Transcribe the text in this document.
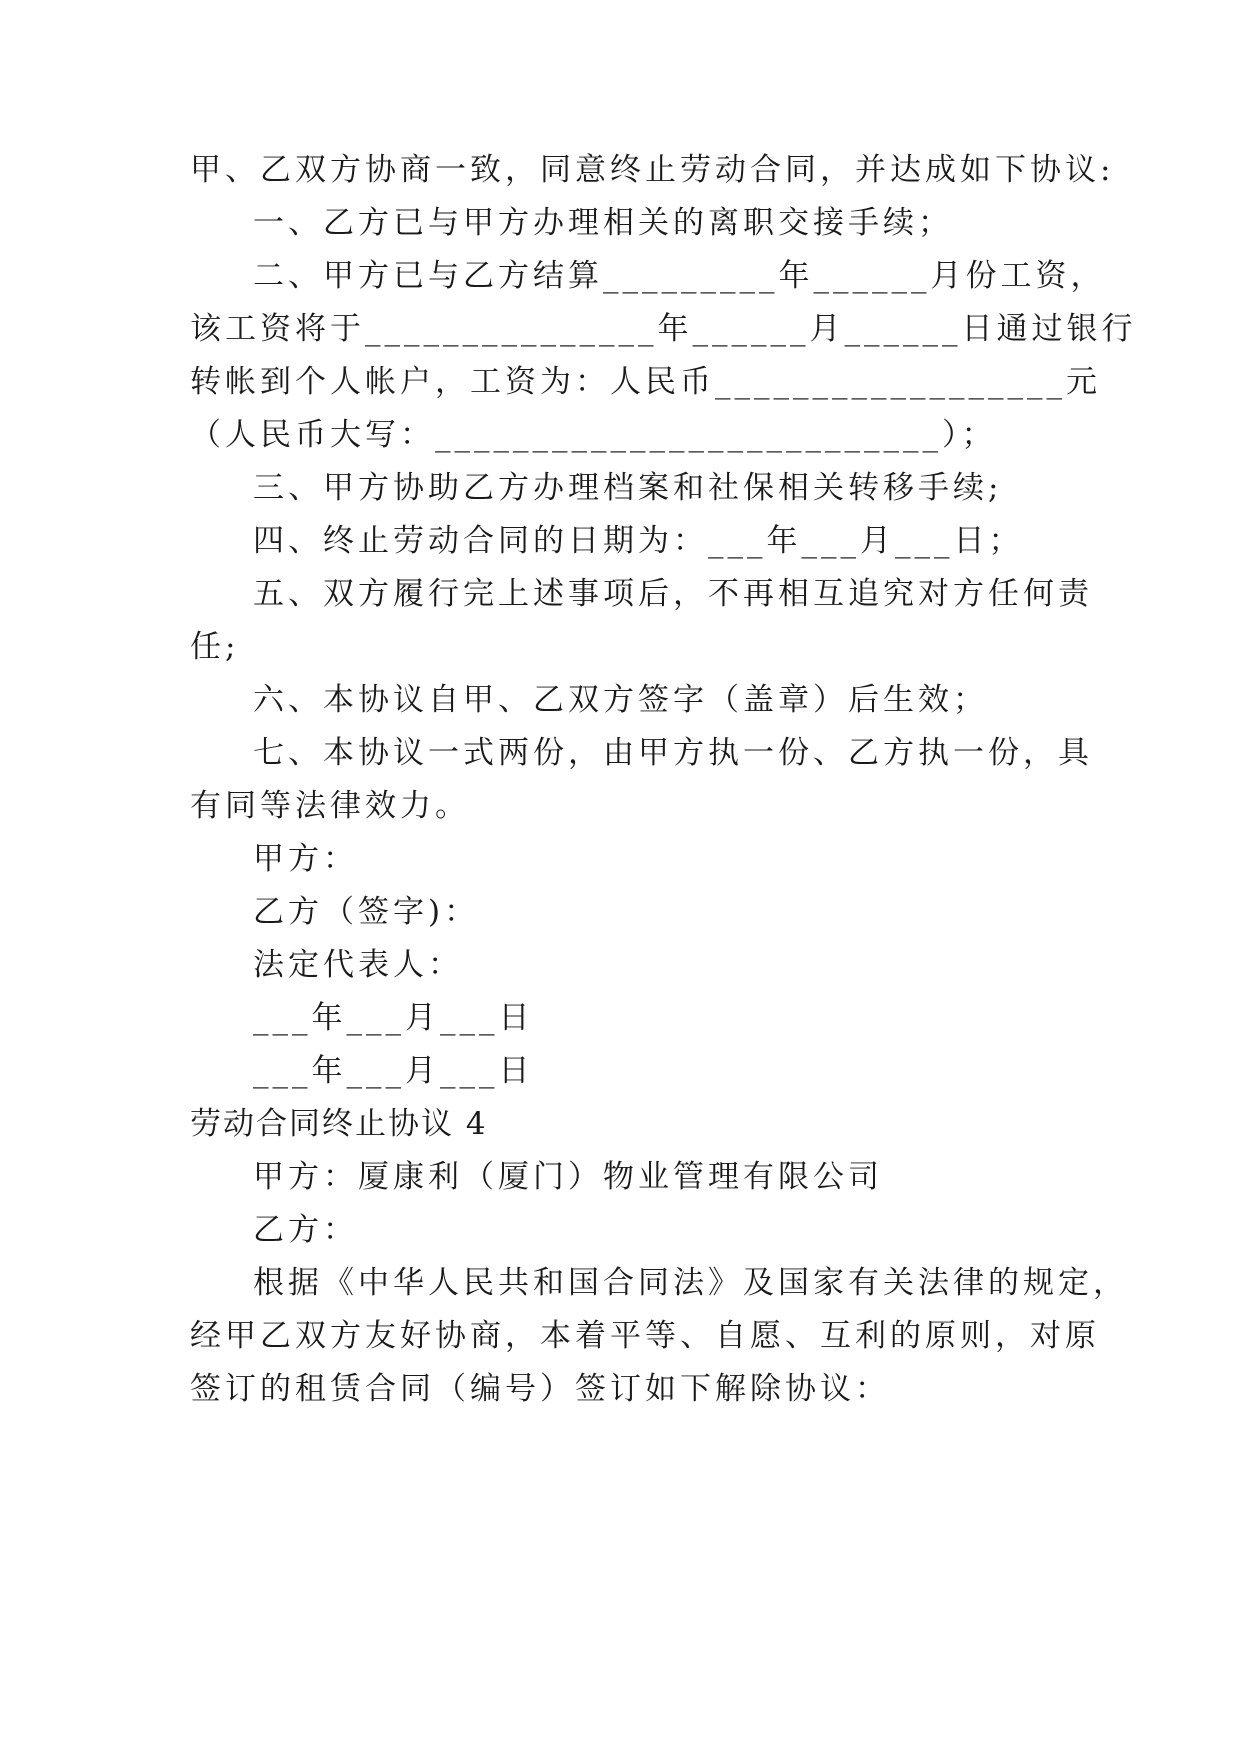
甲、乙双方协商一致，同意终止劳动合同，并达成如下协议:
一、乙方已与甲方办理相关的离职交接手续；
二、甲方已与乙方结算_________年______月份工资，
该工资将于_______________年______月______日通过银行
转帐到个人帐户，工资为：人民币__________________元
（人民币大写：__________________________）；
三、甲方协助乙方办理档案和社保相关转移手续;
四、终止劳动合同的日期为：___年___月___日；
五、双方履行完上述事项后，不再相互追究对方任何责
任;
六、本协议自甲、乙双方签字（盖章）后生效；
七、本协议一式两份，由甲方执一份、乙方执一份，具
有同等法律效力。
甲方：
乙方（签字)：
法定代表人：
___年___月___日
___年___月___日
劳动合同终止协议 4
甲方：厦康利（厦门）物业管理有限公司
乙方：
根据《中华人民共和国合同法》及国家有关法律的规定，
经甲乙双方友好协商，本着平等、自愿、互利的原则，对原
签订的租赁合同（编号）签订如下解除协议：
